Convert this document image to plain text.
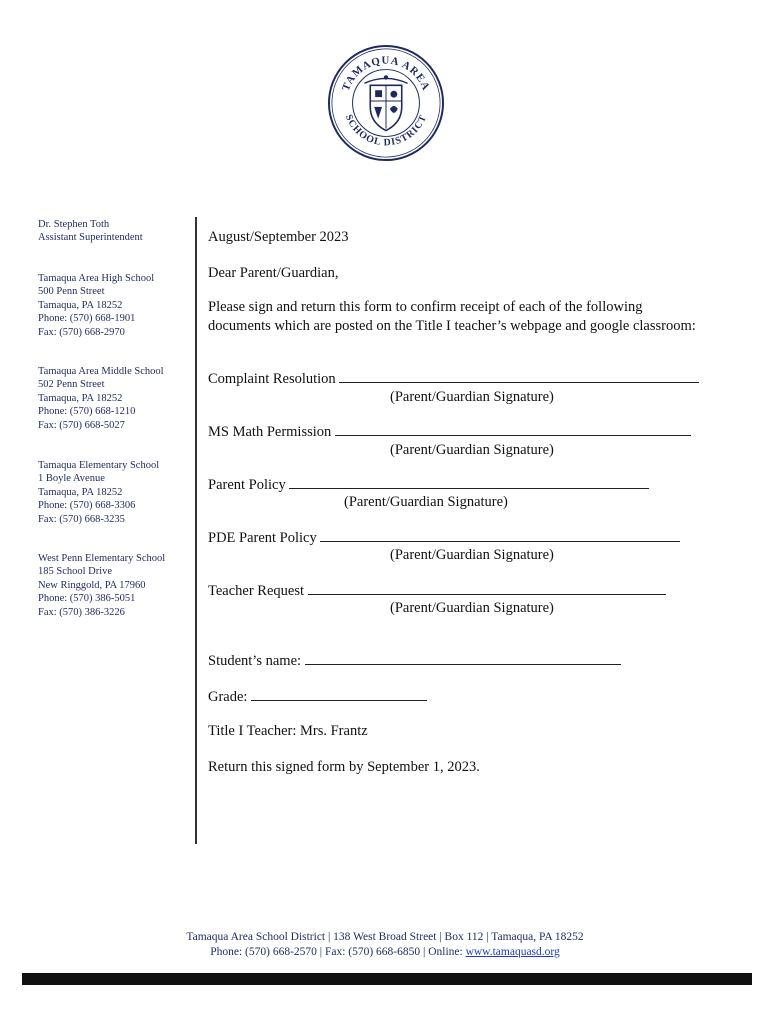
TAMAQUA AREA
SCHOOL DISTRICT
Dr. Stephen Toth
Assistant Superintendent
Tamaqua Area High School
500 Penn Street
Tamaqua, PA 18252
Phone: (570) 668-1901
Fax: (570) 668-2970
Tamaqua Area Middle School
502 Penn Street
Tamaqua, PA 18252
Phone: (570) 668-1210
Fax: (570) 668-5027
Tamaqua Elementary School
1 Boyle Avenue
Tamaqua, PA 18252
Phone: (570) 668-3306
Fax: (570) 668-3235
West Penn Elementary School
185 School Drive
New Ringgold, PA 17960
Phone: (570) 386-5051
Fax: (570) 386-3226
August/September 2023
Dear Parent/Guardian,
Please sign and return this form to confirm receipt of each of the following
documents which are posted on the Title I teacher’s webpage and google classroom:
Complaint Resolution
(Parent/Guardian Signature)
MS Math Permission
(Parent/Guardian Signature)
Parent Policy
(Parent/Guardian Signature)
PDE Parent Policy
(Parent/Guardian Signature)
Teacher Request
(Parent/Guardian Signature)
Student’s name:
Grade:
Title I Teacher: Mrs. Frantz
Return this signed form by September 1, 2023.
Tamaqua Area School District | 138 West Broad Street | Box 112 | Tamaqua, PA 18252
Phone: (570) 668-2570 | Fax: (570) 668-6850 | Online: www.tamaquasd.org
